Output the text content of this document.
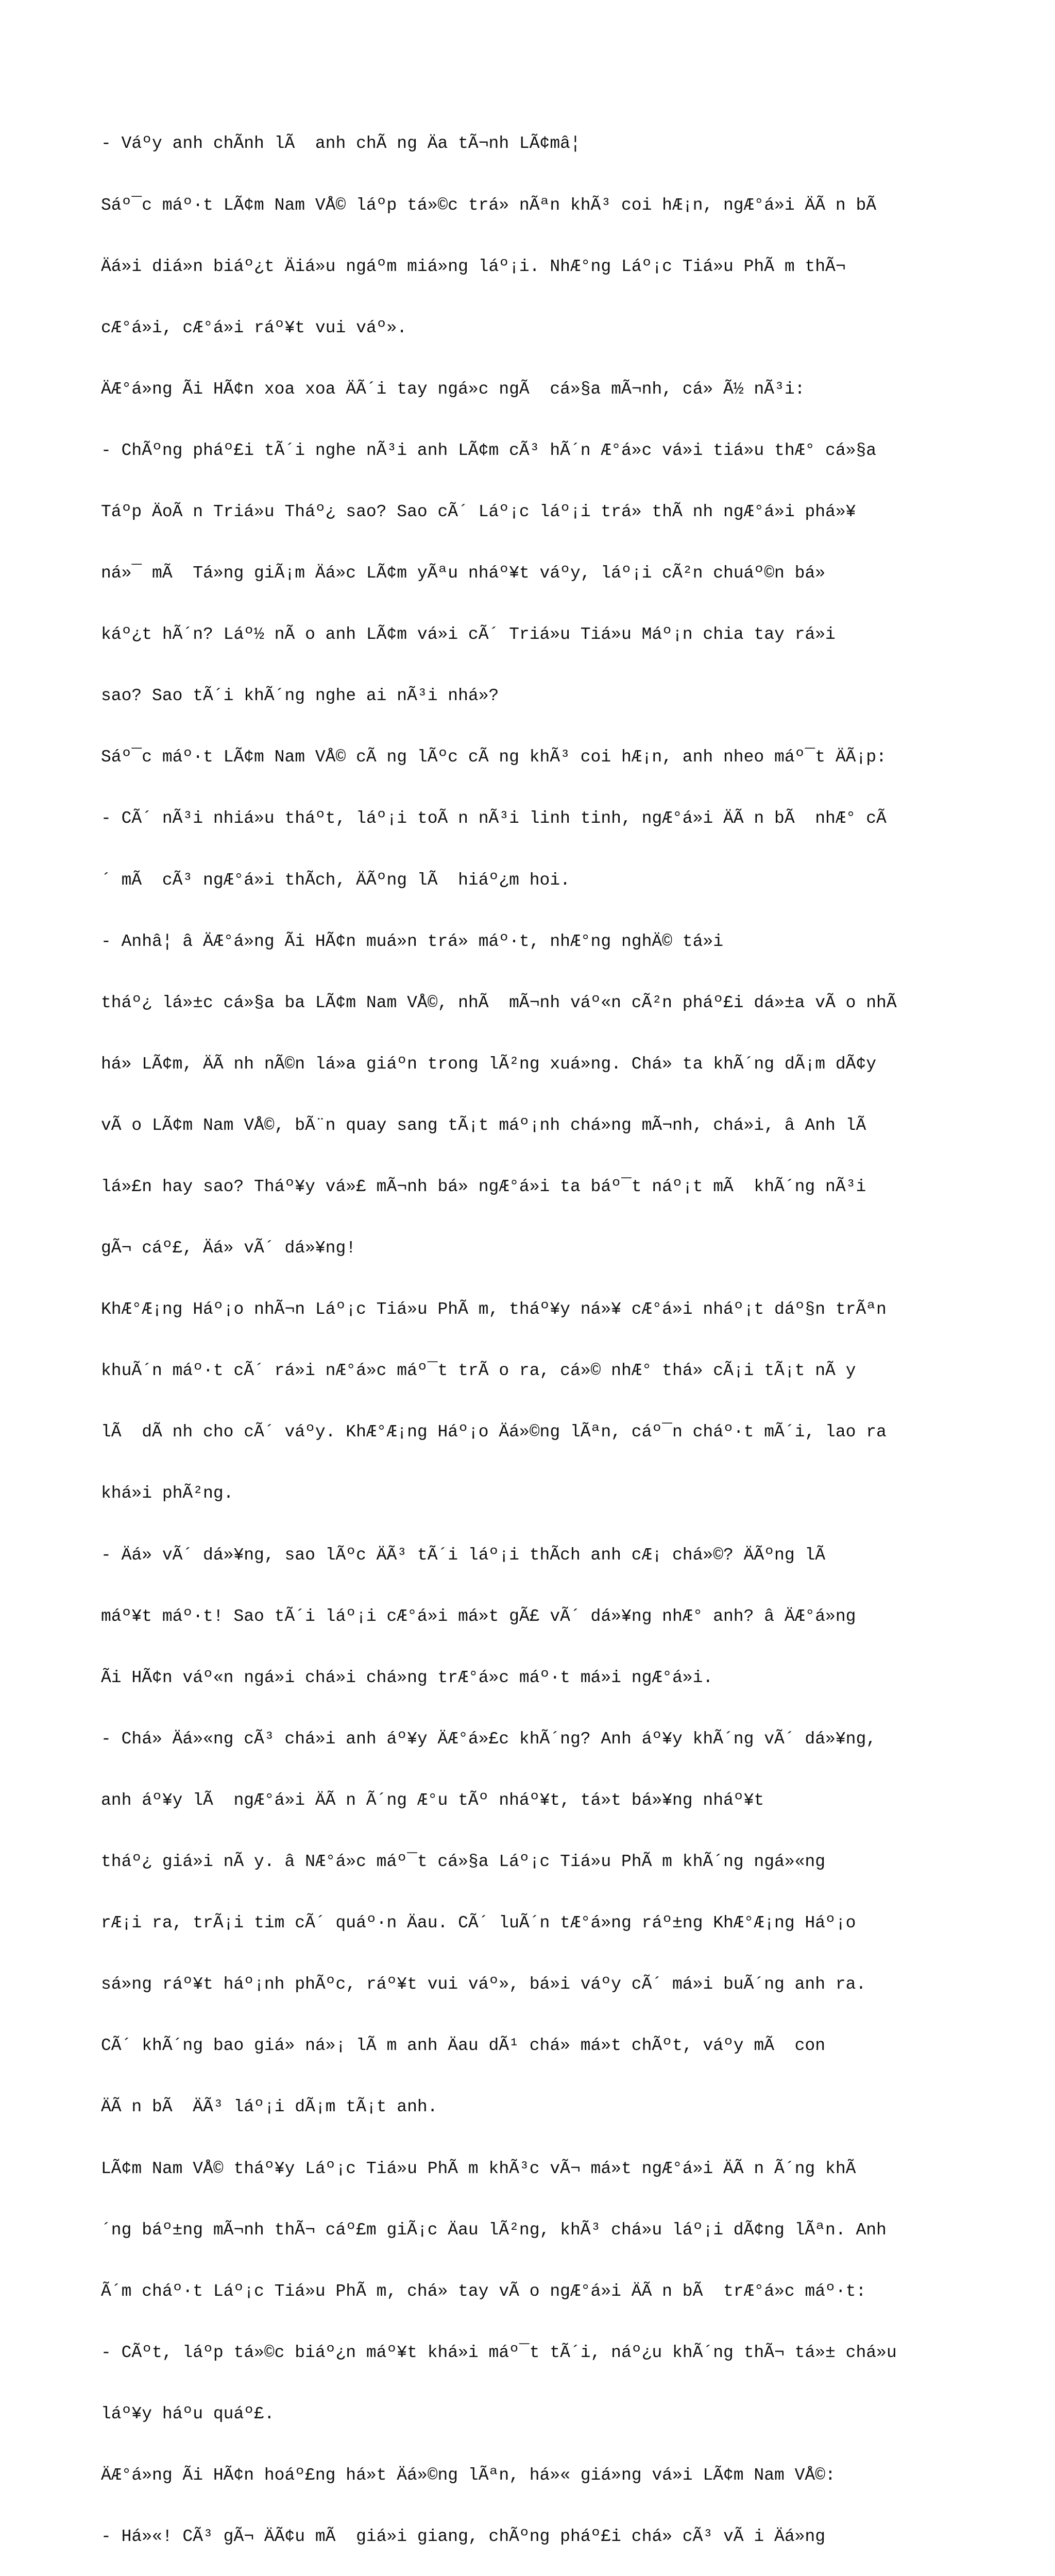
- Váºy anh chÃnh lÃ  anh chÃ ng Äa tÃ¬nh LÃ¢mâ¦

Sáº¯c máº·t LÃ¢m Nam VÅ© láºp tá»©c trá» nÃªn khÃ³ coi hÆ¡n, ngÆ°á»i ÄÃ n bÃ

Äá»i diá»n biáº¿t Äiá»u ngáºm miá»ng láº¡i. NhÆ°ng Láº¡c Tiá»u PhÃ m thÃ¬

cÆ°á»i, cÆ°á»i ráº¥t vui váº».

ÄÆ°á»ng Ãi HÃ¢n xoa xoa ÄÃ´i tay ngá»c ngÃ  cá»§a mÃ¬nh, cá» Ã½ nÃ³i:

- ChÃºng pháº£i tÃ´i nghe nÃ³i anh LÃ¢m cÃ³ hÃ´n Æ°á»c vá»i tiá»u thÆ° cá»§a

Táºp ÄoÃ n Triá»u Tháº¿ sao? Sao cÃ´ Láº¡c láº¡i trá» thÃ nh ngÆ°á»i phá»¥

ná»¯ mÃ  Tá»ng giÃ¡m Äá»c LÃ¢m yÃªu nháº¥t váºy, láº¡i cÃ²n chuáº©n bá»

káº¿t hÃ´n? Láº½ nÃ o anh LÃ¢m vá»i cÃ´ Triá»u Tiá»u Máº¡n chia tay rá»i

sao? Sao tÃ´i khÃ´ng nghe ai nÃ³i nhá»?

Sáº¯c máº·t LÃ¢m Nam VÅ© cÃ ng lÃºc cÃ ng khÃ³ coi hÆ¡n, anh nheo máº¯t ÄÃ¡p:

- CÃ´ nÃ³i nhiá»u tháºt, láº¡i toÃ n nÃ³i linh tinh, ngÆ°á»i ÄÃ n bÃ  nhÆ° cÃ

´ mÃ  cÃ³ ngÆ°á»i thÃch, ÄÃºng lÃ  hiáº¿m hoi.

- Anhâ¦ â ÄÆ°á»ng Ãi HÃ¢n muá»n trá» máº·t, nhÆ°ng nghÄ© tá»i

tháº¿ lá»±c cá»§a ba LÃ¢m Nam VÅ©, nhÃ  mÃ¬nh váº«n cÃ²n pháº£i dá»±a vÃ o nhÃ

há» LÃ¢m, ÄÃ nh nÃ©n lá»a giáºn trong lÃ²ng xuá»ng. Chá» ta khÃ´ng dÃ¡m dÃ¢y

vÃ o LÃ¢m Nam VÅ©, bÃ¨n quay sang tÃ¡t máº¡nh chá»ng mÃ¬nh, chá»i, â Anh lÃ

lá»£n hay sao? Tháº¥y vá»£ mÃ¬nh bá» ngÆ°á»i ta báº¯t náº¡t mÃ  khÃ´ng nÃ³i

gÃ¬ cáº£, Äá» vÃ´ dá»¥ng!

KhÆ°Æ¡ng Háº¡o nhÃ¬n Láº¡c Tiá»u PhÃ m, tháº¥y ná»¥ cÆ°á»i nháº¡t dáº§n trÃªn

khuÃ´n máº·t cÃ´ rá»i nÆ°á»c máº¯t trÃ o ra, cá»© nhÆ° thá» cÃ¡i tÃ¡t nÃ y

lÃ  dÃ nh cho cÃ´ váºy. KhÆ°Æ¡ng Háº¡o Äá»©ng lÃªn, cáº¯n cháº·t mÃ´i, lao ra

khá»i phÃ²ng.

- Äá» vÃ´ dá»¥ng, sao lÃºc ÄÃ³ tÃ´i láº¡i thÃch anh cÆ¡ chá»©? ÄÃºng lÃ

máº¥t máº·t! Sao tÃ´i láº¡i cÆ°á»i má»t gÃ£ vÃ´ dá»¥ng nhÆ° anh? â ÄÆ°á»ng

Ãi HÃ¢n váº«n ngá»i chá»i chá»ng trÆ°á»c máº·t má»i ngÆ°á»i.

- Chá» Äá»«ng cÃ³ chá»i anh áº¥y ÄÆ°á»£c khÃ´ng? Anh áº¥y khÃ´ng vÃ´ dá»¥ng,

anh áº¥y lÃ  ngÆ°á»i ÄÃ n Ã´ng Æ°u tÃº nháº¥t, tá»t bá»¥ng nháº¥t

tháº¿ giá»i nÃ y. â NÆ°á»c máº¯t cá»§a Láº¡c Tiá»u PhÃ m khÃ´ng ngá»«ng

rÆ¡i ra, trÃ¡i tim cÃ´ quáº·n Äau. CÃ´ luÃ´n tÆ°á»ng ráº±ng KhÆ°Æ¡ng Háº¡o

sá»ng ráº¥t háº¡nh phÃºc, ráº¥t vui váº», bá»i váºy cÃ´ má»i buÃ´ng anh ra.

CÃ´ khÃ´ng bao giá» ná»¡ lÃ m anh Äau dÃ¹ chá» má»t chÃºt, váºy mÃ  con

ÄÃ n bÃ  ÄÃ³ láº¡i dÃ¡m tÃ¡t anh.

LÃ¢m Nam VÅ© tháº¥y Láº¡c Tiá»u PhÃ m khÃ³c vÃ¬ má»t ngÆ°á»i ÄÃ n Ã´ng khÃ

´ng báº±ng mÃ¬nh thÃ¬ cáº£m giÃ¡c Äau lÃ²ng, khÃ³ chá»u láº¡i dÃ¢ng lÃªn. Anh

Ã´m cháº·t Láº¡c Tiá»u PhÃ m, chá» tay vÃ o ngÆ°á»i ÄÃ n bÃ  trÆ°á»c máº·t:

- CÃºt, láºp tá»©c biáº¿n máº¥t khá»i máº¯t tÃ´i, náº¿u khÃ´ng thÃ¬ tá»± chá»u

láº¥y háºu quáº£.

ÄÆ°á»ng Ãi HÃ¢n hoáº£ng há»t Äá»©ng lÃªn, há»« giá»ng vá»i LÃ¢m Nam VÅ©:

- Há»«! CÃ³ gÃ¬ ÄÃ¢u mÃ  giá»i giang, chÃºng pháº£i chá» cÃ³ vÃ i Äá»ng
